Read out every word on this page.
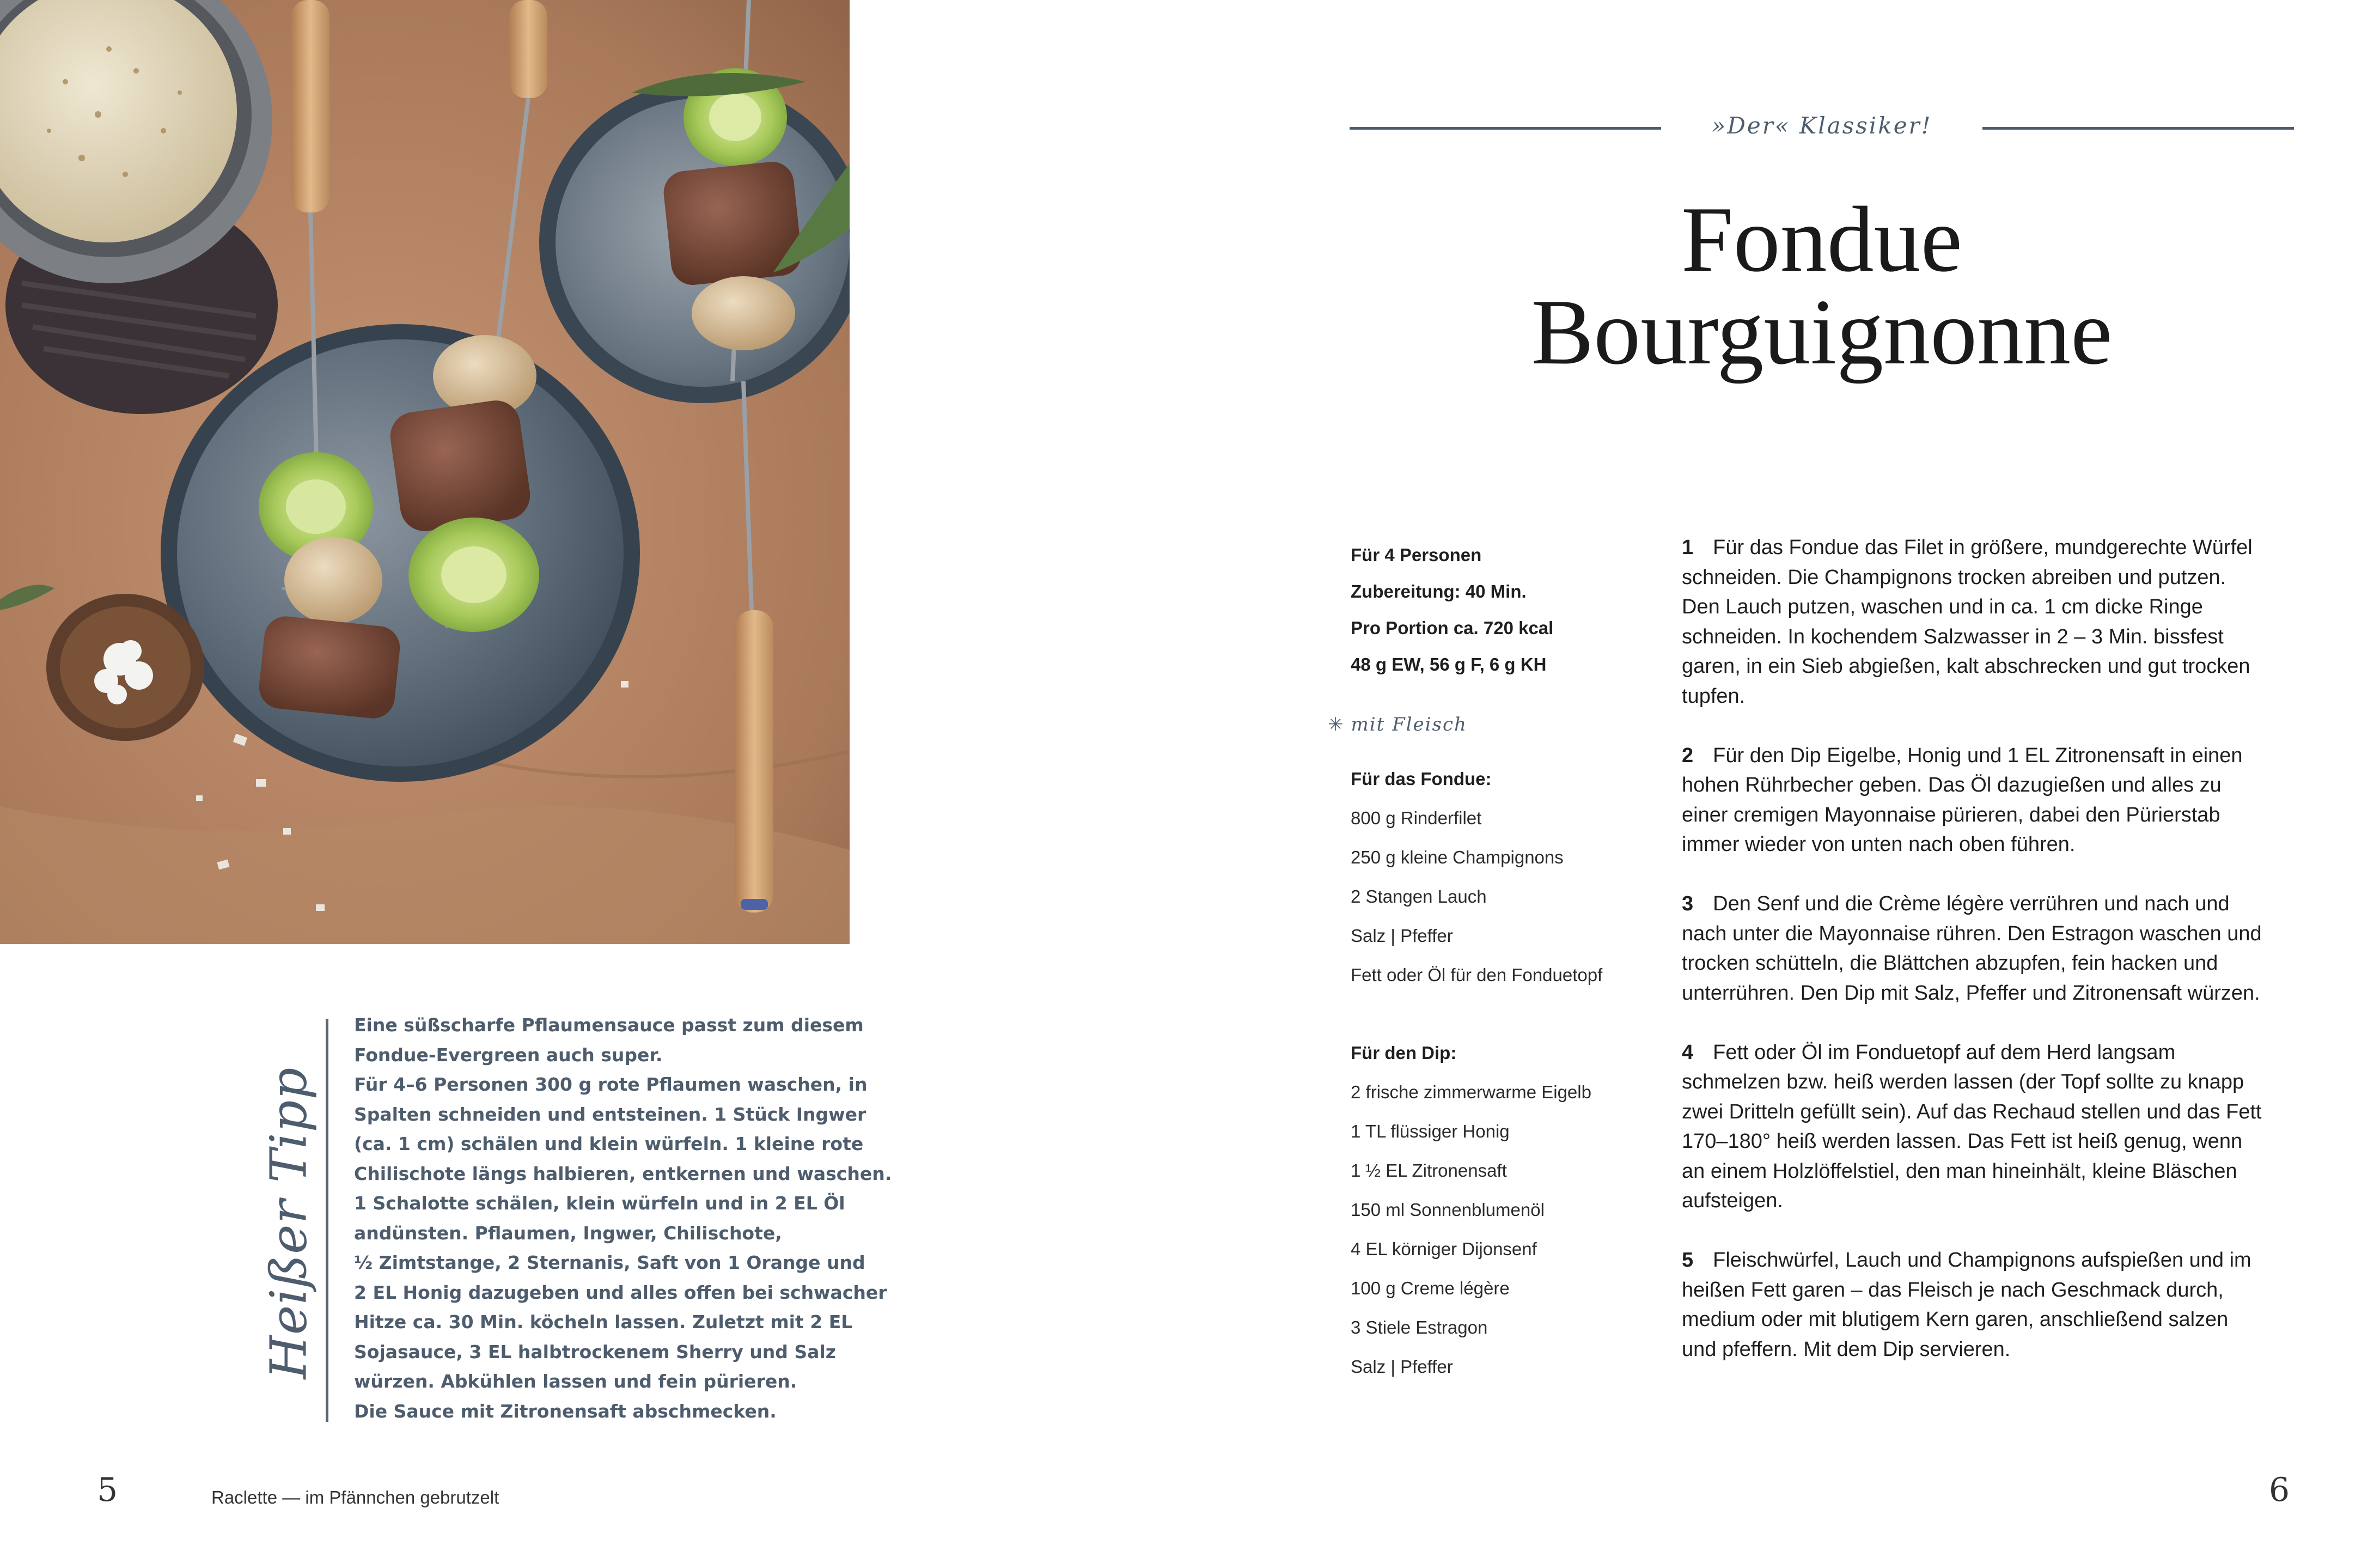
Heißer Tipp
Eine süßscharfe Pflaumensauce passt zum diesem
Fondue-Evergreen auch super.
Für 4–6 Personen 300 g rote Pflaumen waschen, in
Spalten schneiden und entsteinen. 1 Stück Ingwer
(ca. 1 cm) schälen und klein würfeln. 1 kleine rote
Chilischote längs halbieren, entkernen und waschen.
1 Schalotte schälen, klein würfeln und in 2 EL Öl
andünsten. Pflaumen, Ingwer, Chilischote,
½ Zimtstange, 2 Sternanis, Saft von 1 Orange und
2 EL Honig dazugeben und alles offen bei schwacher
Hitze ca. 30 Min. köcheln lassen. Zuletzt mit 2 EL
Sojasauce, 3 EL halbtrockenem Sherry und Salz
würzen. Abkühlen lassen und fein pürieren.
Die Sauce mit Zitronensaft abschmecken.
5	Raclette — im Pfännchen gebrutzelt	6
»Der« Klassiker!
Fondue
Bourguignonne
Für 4 Personen
Zubereitung: 40 Min.
Pro Portion ca. 720 kcal
48 g EW, 56 g F, 6 g KH
✳ mit Fleisch
Für das Fondue:
800 g Rinderfilet
250 g kleine Champignons
2 Stangen Lauch
Salz | Pfeffer
Fett oder Öl für den Fonduetopf
Für den Dip:
2 frische zimmerwarme Eigelb
1 TL flüssiger Honig
1 ½ EL Zitronensaft
150 ml Sonnenblumenöl
4 EL körniger Dijonsenf
100 g Creme légère
3 Stiele Estragon
Salz | Pfeffer
1 Für das Fondue das Filet in größere, mundgerechte Würfel
schneiden. Die Champignons trocken abreiben und putzen.
Den Lauch putzen, waschen und in ca. 1 cm dicke Ringe
schneiden. In kochendem Salzwasser in 2 – 3 Min. bissfest
garen, in ein Sieb abgießen, kalt abschrecken und gut trocken
tupfen.
2 Für den Dip Eigelbe, Honig und 1 EL Zitronensaft in einen
hohen Rührbecher geben. Das Öl dazugießen und alles zu
einer cremigen Mayonnaise pürieren, dabei den Pürierstab
immer wieder von unten nach oben führen.
3 Den Senf und die Crème légère verrühren und nach und
nach unter die Mayonnaise rühren. Den Estragon waschen und
trocken schütteln, die Blättchen abzupfen, fein hacken und
unterrühren. Den Dip mit Salz, Pfeffer und Zitronensaft würzen.
4 Fett oder Öl im Fonduetopf auf dem Herd langsam
schmelzen bzw. heiß werden lassen (der Topf sollte zu knapp
zwei Dritteln gefüllt sein). Auf das Rechaud stellen und das Fett
170–180° heiß werden lassen. Das Fett ist heiß genug, wenn
an einem Holzlöffelstiel, den man hineinhält, kleine Bläschen
aufsteigen.
5 Fleischwürfel, Lauch und Champignons aufspießen und im
heißen Fett garen – das Fleisch je nach Geschmack durch,
medium oder mit blutigem Kern garen, anschließend salzen
und pfeffern. Mit dem Dip servieren.
